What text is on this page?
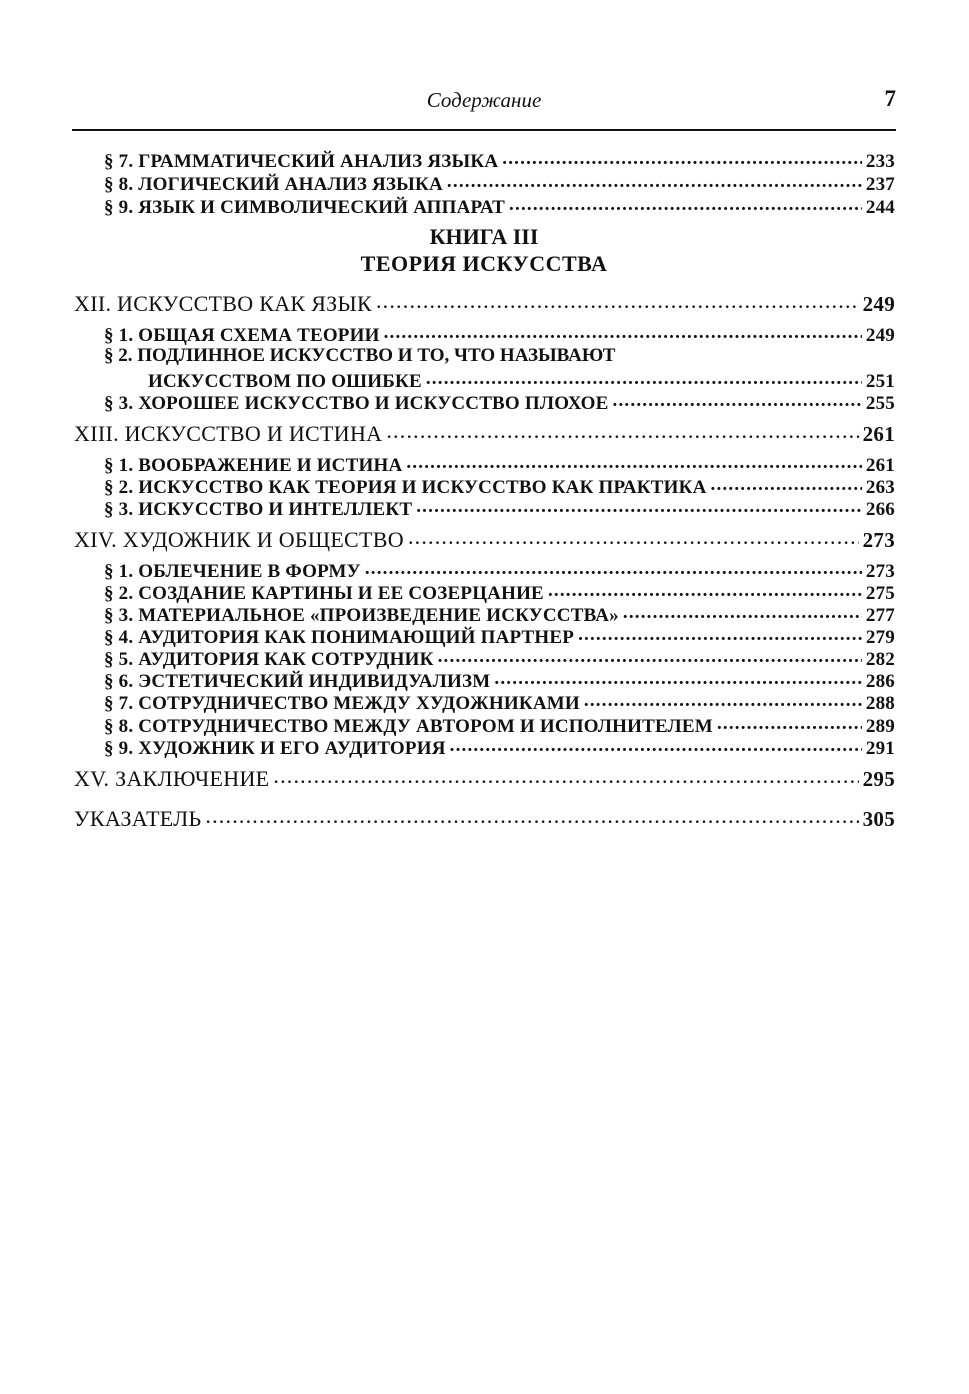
Содержание	7
§ 7. ГРАММАТИЧЕСКИЙ АНАЛИЗ ЯЗЫКА .....	233
§ 8. ЛОГИЧЕСКИЙ АНАЛИЗ ЯЗЫКА .....	237
§ 9. ЯЗЫК И СИМВОЛИЧЕСКИЙ АППАРАТ .....	244
КНИГА III
ТЕОРИЯ ИСКУССТВА
XII. ИСКУССТВО КАК ЯЗЫК .....	249
§ 1. ОБЩАЯ СХЕМА ТЕОРИИ .....	249
§ 2. ПОДЛИННОЕ ИСКУССТВО И ТО, ЧТО НАЗЫВАЮТ
ИСКУССТВОМ ПО ОШИБКЕ .....	251
§ 3. ХОРОШЕЕ ИСКУССТВО И ИСКУССТВО ПЛОХОЕ .....	255
XIII. ИСКУССТВО И ИСТИНА .....	261
§ 1. ВООБРАЖЕНИЕ И ИСТИНА .....	261
§ 2. ИСКУССТВО КАК ТЕОРИЯ И ИСКУССТВО КАК ПРАКТИКА .....	263
§ 3. ИСКУССТВО И ИНТЕЛЛЕКТ .....	266
XIV. ХУДОЖНИК И ОБЩЕСТВО .....	273
§ 1. ОБЛЕЧЕНИЕ В ФОРМУ .....	273
§ 2. СОЗДАНИЕ КАРТИНЫ И ЕЕ СОЗЕРЦАНИЕ .....	275
§ 3. МАТЕРИАЛЬНОЕ «ПРОИЗВЕДЕНИЕ ИСКУССТВА» .....	277
§ 4. АУДИТОРИЯ КАК ПОНИМАЮЩИЙ ПАРТНЕР .....	279
§ 5. АУДИТОРИЯ КАК СОТРУДНИК .....	282
§ 6. ЭСТЕТИЧЕСКИЙ ИНДИВИДУАЛИЗМ .....	286
§ 7. СОТРУДНИЧЕСТВО МЕЖДУ ХУДОЖНИКАМИ .....	288
§ 8. СОТРУДНИЧЕСТВО МЕЖДУ АВТОРОМ И ИСПОЛНИТЕЛЕМ .....	289
§ 9. ХУДОЖНИК И ЕГО АУДИТОРИЯ .....	291
XV. ЗАКЛЮЧЕНИЕ .....	295
УКАЗАТЕЛЬ .....	305
